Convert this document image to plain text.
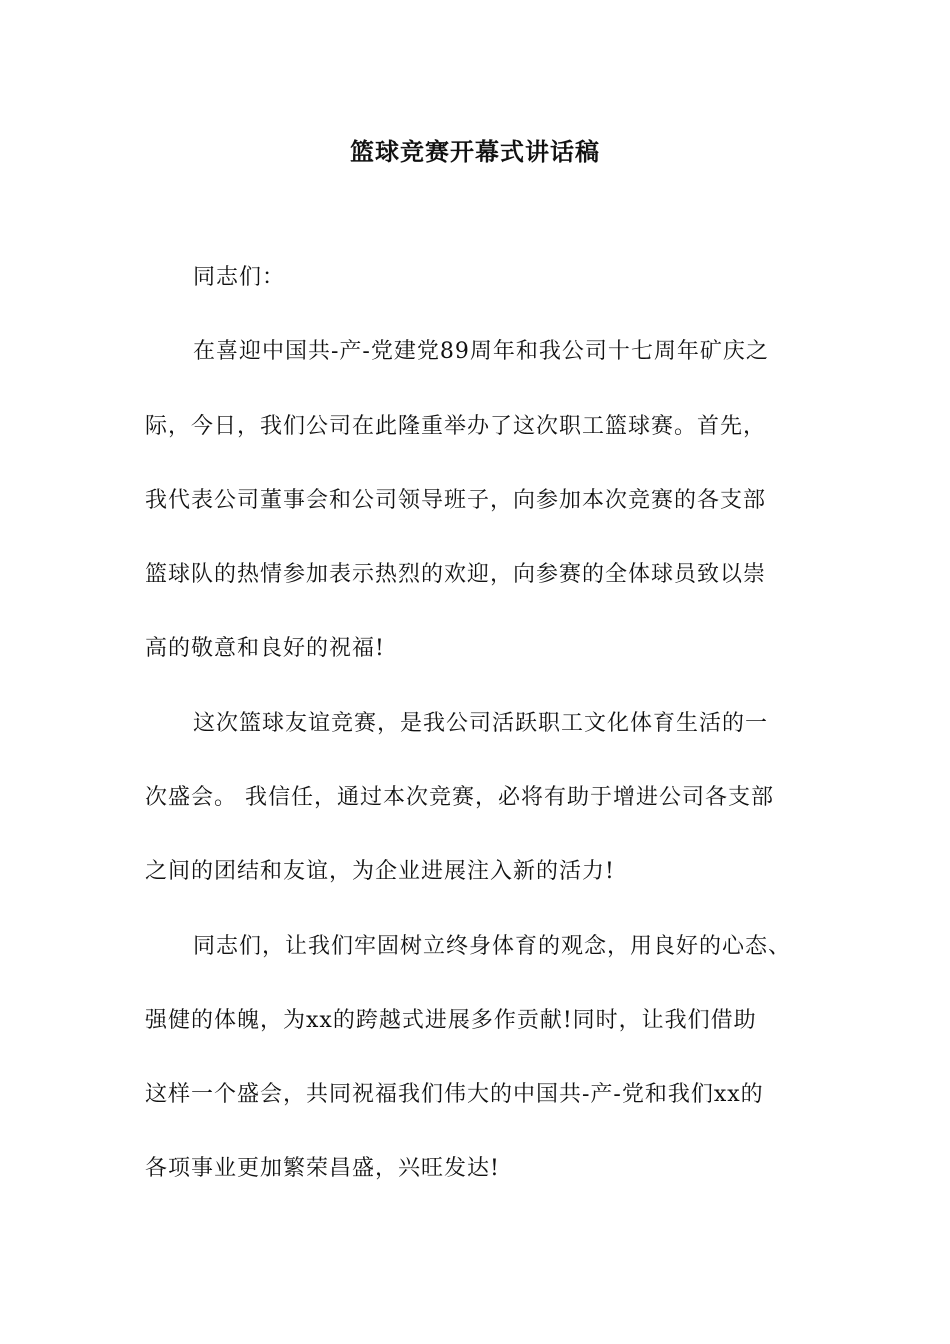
篮球竞赛开幕式讲话稿

同志们：

在喜迎中国共-产-党建党89周年和我公司十七周年矿庆之

际，今日，我们公司在此隆重举办了这次职工篮球赛。首先，

我代表公司董事会和公司领导班子，向参加本次竞赛的各支部

篮球队的热情参加表示热烈的欢迎，向参赛的全体球员致以崇

高的敬意和良好的祝福!

这次篮球友谊竞赛，是我公司活跃职工文化体育生活的一

次盛会。 我信任，通过本次竞赛，必将有助于增进公司各支部

之间的团结和友谊，为企业进展注入新的活力!

同志们，让我们牢固树立终身体育的观念，用良好的心态、

强健的体魄，为xx的跨越式进展多作贡献!同时，让我们借助

这样一个盛会，共同祝福我们伟大的中国共-产-党和我们xx的

各项事业更加繁荣昌盛，兴旺发达!
